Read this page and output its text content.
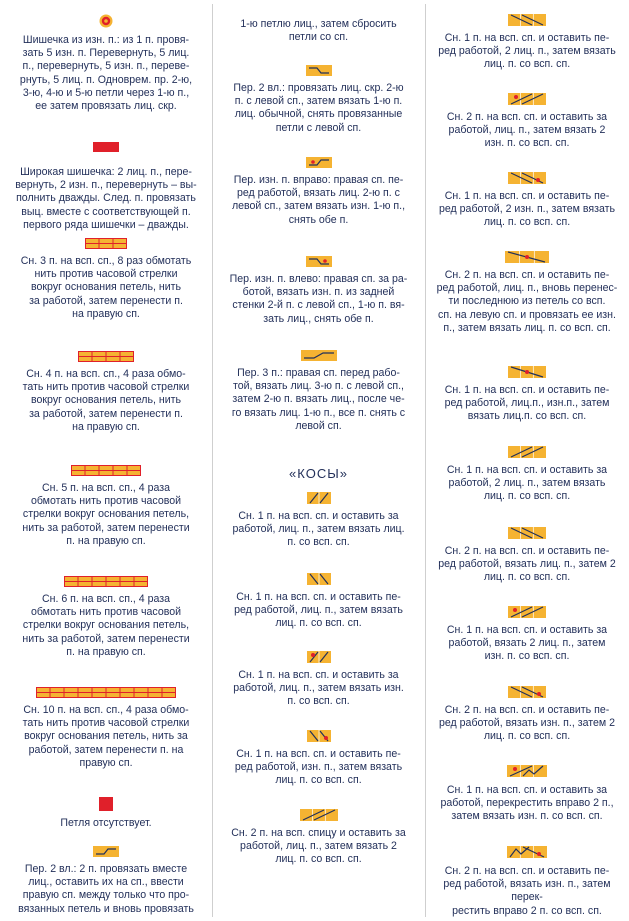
Шишечка из изн. п.: из 1 п. провя-
зать 5 изн. п. Перевернуть, 5 лиц.
п., перевернуть, 5 изн. п., переве-
рнуть, 5 лиц. п. Одноврем. пр. 2-ю,
3-ю, 4-ю и 5-ю петли через 1-ю п.,
ее затем провязать лиц. скр.
Широкая шишечка: 2 лиц. п., пере-
вернуть, 2 изн. п., перевернуть – вы-
полнить дважды. След. п. провязать
выц. вместе с соответствующей п.
первого ряда шишечки – дважды.
Сн. 3 п. на всп. сп., 8 раз обмотать
нить против часовой стрелки
вокруг основания петель, нить
за работой, затем перенести п.
на правую сп.
Сн. 4 п. на всп. сп., 4 раза обмо-
тать нить против часовой стрелки
вокруг основания петель, нить
за работой, затем перенести п.
на правую сп.
Сн. 5 п. на всп. сп., 4 раза
обмотать нить против часовой
стрелки вокруг основания петель,
нить за работой, затем перенести
п. на правую сп.
Сн. 6 п. на всп. сп., 4 раза
обмотать нить против часовой
стрелки вокруг основания петель,
нить за работой, затем перенести
п. на правую сп.
Сн. 10 п. на всп. сп., 4 раза обмо-
тать нить против часовой стрелки
вокруг основания петель, нить за
работой, затем перенести п. на
правую сп.
Петля отсутствует.
Пер. 2 вл.: 2 п. провязать вместе
лиц., оставить их на сп., ввести
правую сп. между только что про-
вязанных петель и вновь провязать
1-ю петлю лиц., затем сбросить
петли со сп.
Пер. 2 вл.: провязать лиц. скр. 2-ю
п. с левой сп., затем вязать 1-ю п.
лиц. обычной, снять провязанные
петли с левой сп.
Пер. изн. п. вправо: правая сп. пе-
ред работой, вязать лиц. 2-ю п. с
левой сп., затем вязать изн. 1-ю п.,
снять обе п.
Пер. изн. п. влево: правая сп. за ра-
ботой, вязать изн. п. из задней
стенки 2-й п. с левой сп., 1-ю п. вя-
зать лиц., снять обе п.
Пер. 3 п.: правая сп. перед рабо-
той, вязать лиц. 3-ю п. с левой сп.,
затем 2-ю п. вязать лиц., после че-
го вязать лиц. 1-ю п., все п. снять с
левой сп.
«КОСЫ»
Сн. 1 п. на всп. сп. и оставить за
работой, лиц. п., затем вязать лиц.
п. со всп. сп.
Сн. 1 п. на всп. сп. и оставить пе-
ред работой, лиц. п., затем вязать
лиц. п. со всп. сп.
Сн. 1 п. на всп. сп. и оставить за
работой, лиц. п., затем вязать изн.
п. со всп. сп.
Сн. 1 п. на всп. сп. и оставить пе-
ред работой, изн. п., затем вязать
лиц. п. со всп. сп.
Сн. 2 п. на всп. спицу и оставить за
работой, лиц. п., затем вязать 2
лиц. п. со всп. сп.
Сн. 1 п. на всп. сп. и оставить пе-
ред работой, 2 лиц. п., затем вязать
лиц. п. со всп. сп.
Сн. 2 п. на всп. сп. и оставить за
работой, лиц. п., затем вязать 2
изн. п. со всп. сп.
Сн. 1 п. на всп. сп. и оставить пе-
ред работой, 2 изн. п., затем вязать
лиц. п. со всп. сп.
Сн. 2 п. на всп. сп. и оставить пе-
ред работой, лиц. п., вновь перенес-
ти последнюю из петель со всп.
сп. на левую сп. и провязать ее изн.
п., затем вязать лиц. п. со всп. сп.
Сн. 1 п. на всп. сп. и оставить пе-
ред работой, лиц.п., изн.п., затем
вязать лиц.п. со всп. сп.
Сн. 1 п. на всп. сп. и оставить за
работой, 2 лиц. п., затем вязать
лиц. п. со всп. сп.
Сн. 2 п. на всп. сп. и оставить пе-
ред работой, вязать лиц. п., затем 2
лиц. п. со всп. сп.
Сн. 1 п. на всп. сп. и оставить за
работой, вязать 2 лиц. п., затем
изн. п. со всп. сп.
Сн. 2 п. на всп. сп. и оставить пе-
ред работой, вязать изн. п., затем 2
лиц. п. со всп. сп.
Сн. 1 п. на всп. сп. и оставить за
работой, перекрестить вправо 2 п.,
затем вязать изн. п. со всп. сп.
Сн. 2 п. на всп. сп. и оставить пе-
ред работой, вязать изн. п., затем перек-
рестить вправо 2 п. со всп. сп.
